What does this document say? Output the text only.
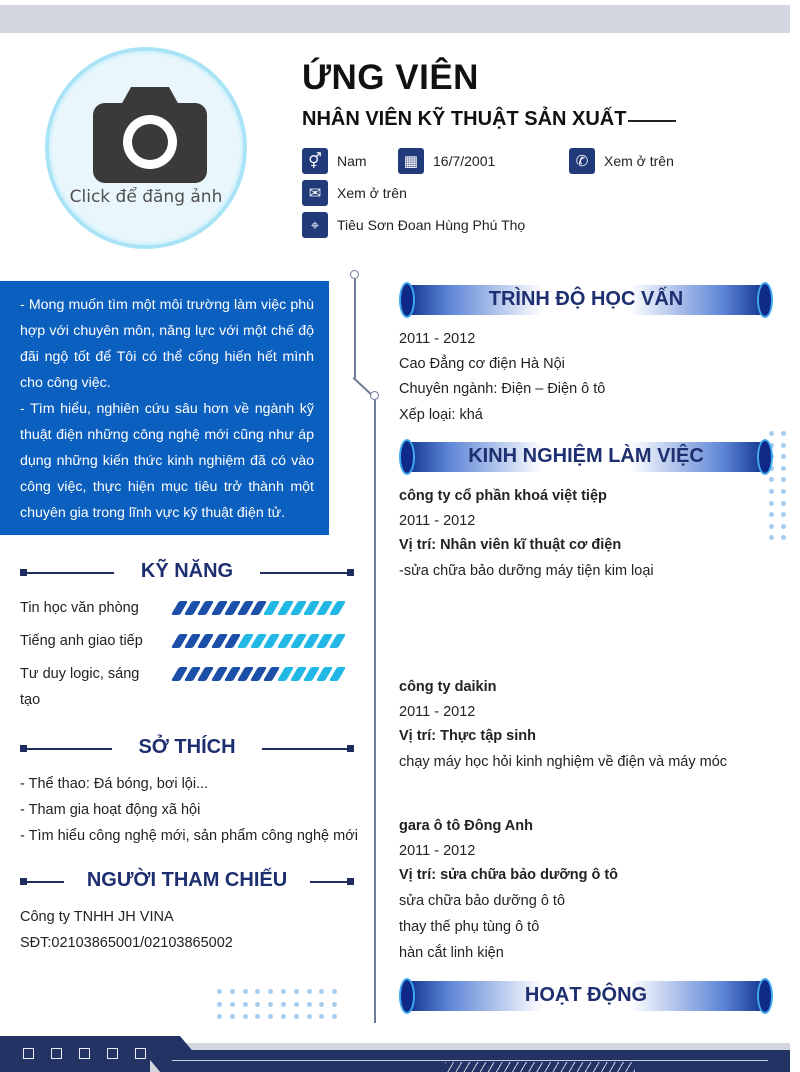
Click để đăng ảnh
ỨNG VIÊN
NHÂN VIÊN KỸ THUẬT SẢN XUẤT
⚥	Nam	▦	16/7/2001	✆	Xem ở trên
✉	Xem ở trên
⌖	Tiêu Sơn Đoan Hùng Phú Thọ
- Mong muốn tìm một môi trường làm việc phù hợp với chuyên môn, năng lực với một chế độ đãi ngộ tốt để Tôi có thể cống hiến hết mình cho công việc.
- Tìm hiểu, nghiên cứu sâu hơn về ngành kỹ thuật điện những công nghệ mới cũng như áp dụng những kiến thức kinh nghiệm đã có vào công việc, thực hiện mục tiêu trở thành một chuyên gia trong lĩnh vực kỹ thuật điện tử.
KỸ NĂNG
Tin học văn phòng
Tiếng anh giao tiếp
Tư duy logic, sáng
tạo
SỞ THÍCH
- Thể thao: Đá bóng, bơi lội...
- Tham gia hoạt động xã hội
- Tìm hiểu công nghệ mới, sản phẩm công nghệ mới
NGƯỜI THAM CHIẾU
Công ty TNHH JH VINA
SĐT:02103865001/02103865002
TRÌNH ĐỘ HỌC VẤN
2011 - 2012
Cao Đẳng cơ điện Hà Nội
Chuyên ngành: Điện – Điện ô tô
Xếp loại: khá
KINH NGHIỆM LÀM VIỆC
công ty cổ phần khoá việt tiệp
2011 - 2012
Vị trí: Nhân viên kĩ thuật cơ điện
-sửa chữa bảo dưỡng máy tiện kim loại
công ty daikin
2011 - 2012
Vị trí: Thực tập sinh
chạy máy học hỏi kinh nghiệm về điện và máy móc
gara ô tô Đông Anh
2011 - 2012
Vị trí: sửa chữa bảo dưỡng ô tô
sửa chữa bảo dưỡng ô tô
thay thế phụ tùng ô tô
hàn cắt linh kiện
HOẠT ĐỘNG
